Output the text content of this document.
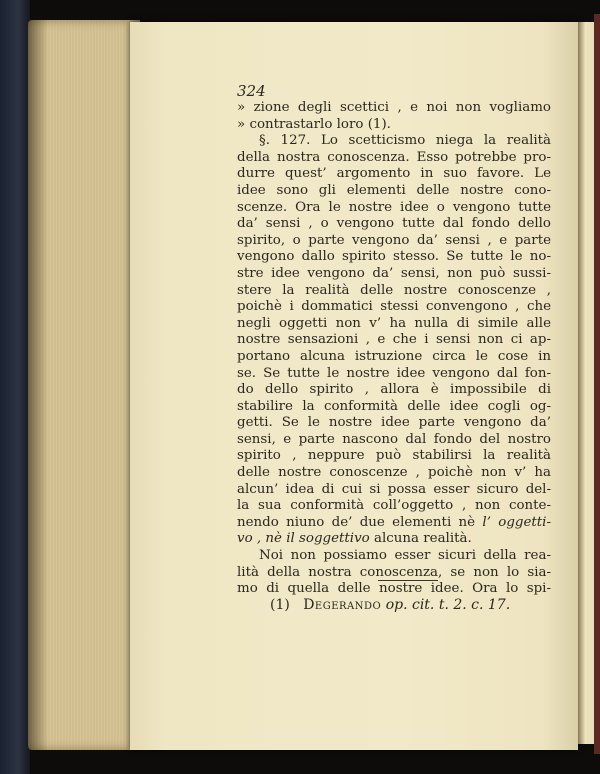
324
» zione degli scettici , e noi non vogliamo
» contrastarlo loro (1).
§. 127. Lo scetticismo niega la realità
della nostra conoscenza. Esso potrebbe pro-
durre quest’ argomento in suo favore. Le
idee sono gli elementi delle nostre cono-
scenze. Ora le nostre idee o vengono tutte
da’ sensi , o vengono tutte dal fondo dello
spirito, o parte vengono da’ sensi , e parte
vengono dallo spirito stesso. Se tutte le no-
stre idee vengono da’ sensi, non può sussi-
stere la realità delle nostre conoscenze ,
poichè i dommatici stessi convengono , che
negli oggetti non v’ ha nulla di simile alle
nostre sensazioni , e che i sensi non ci ap-
portano alcuna istruzione circa le cose in
se. Se tutte le nostre idee vengono dal fon-
do dello spirito , allora è impossibile di
stabilire la conformità delle idee cogli og-
getti. Se le nostre idee parte vengono da’
sensi, e parte nascono dal fondo del nostro
spirito , neppure può stabilirsi la realità
delle nostre conoscenze , poichè non v’ ha
alcun’ idea di cui si possa esser sicuro del-
la sua conformità coll’oggetto , non conte-
nendo niuno de’ due elementi nè l’ oggetti-
vo , nè il soggettivo alcuna realità.
Noi non possiamo esser sicuri della rea-
lità della nostra conoscenza, se non lo sia-
mo di quella delle nostre idee. Ora lo spi-
(1) Degerando op. cit. t. 2. c. 17.
